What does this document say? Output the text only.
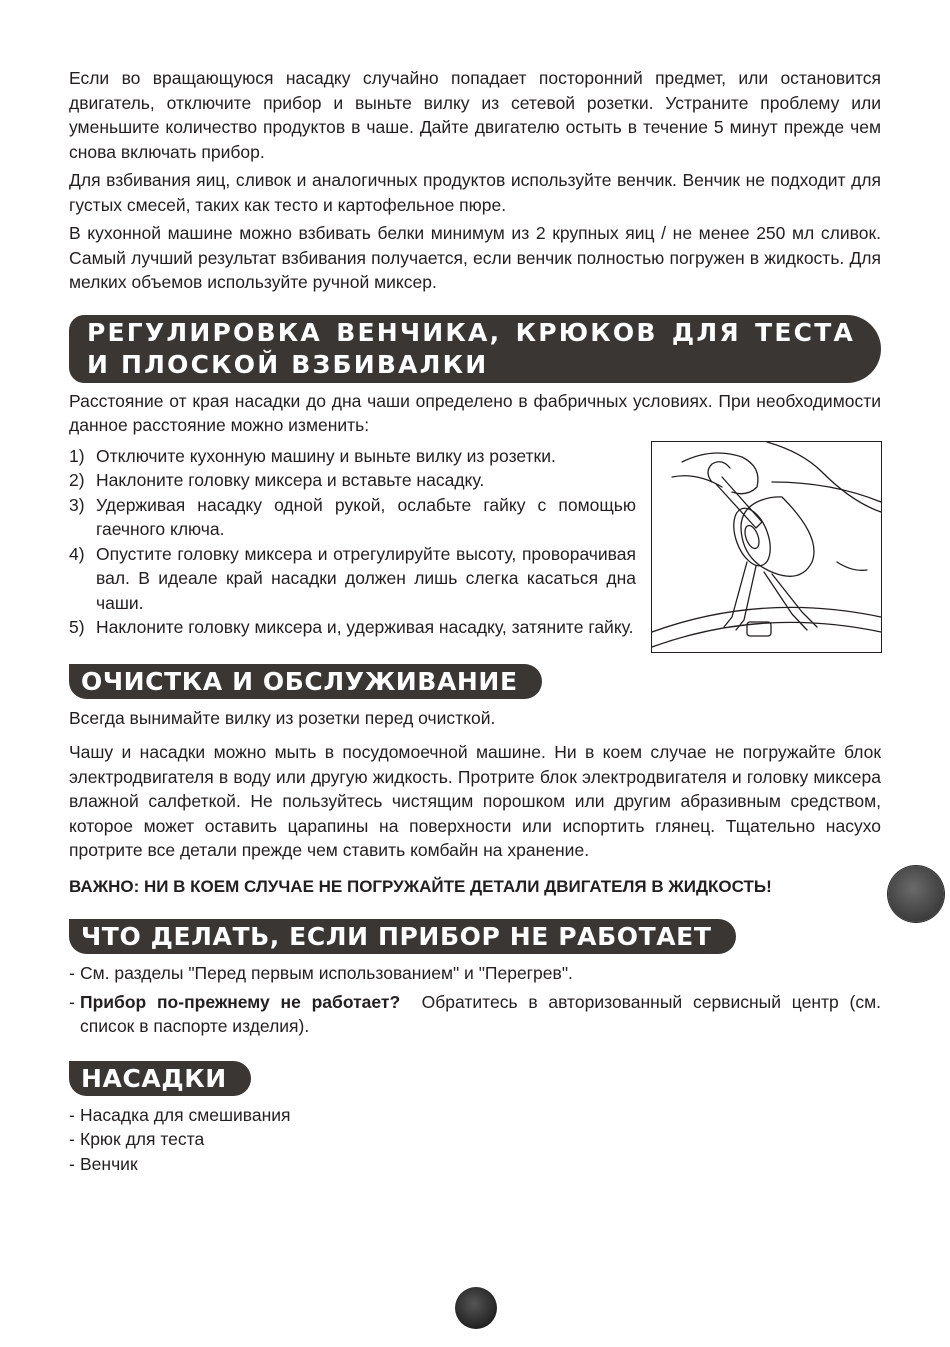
Если во вращающуюся насадку случайно попадает посторонний предмет, или остановится двигатель, отключите прибор и выньте вилку из сетевой розетки. Устраните проблему или уменьшите количество продуктов в чаше. Дайте двигателю остыть в течение 5 минут прежде чем снова включать прибор.

Для взбивания яиц, сливок и аналогичных продуктов используйте венчик. Венчик не подходит для густых смесей, таких как тесто и картофельное пюре.

В кухонной машине можно взбивать белки минимум из 2 крупных яиц / не менее 250 мл сливок. Самый лучший результат взбивания получается, если венчик полностью погружен в жидкость. Для мелких объемов используйте ручной миксер.

РЕГУЛИРОВКА ВЕНЧИКА, КРЮКОВ ДЛЯ ТЕСТА И ПЛОСКОЙ ВЗБИВАЛКИ

Расстояние от края насадки до дна чаши определено в фабричных условиях. При необходимости данное расстояние можно изменить:

1) Отключите кухонную машину и выньте вилку из розетки.
2) Наклоните головку миксера и вставьте насадку.
3) Удерживая насадку одной рукой, ослабьте гайку с помощью гаечного ключа.
4) Опустите головку миксера и отрегулируйте высоту, проворачивая вал. В идеале край насадки должен лишь слегка касаться дна чаши.
5) Наклоните головку миксера и, удерживая насадку, затяните гайку.
ОЧИСТКА И ОБСЛУЖИВАНИЕ

Всегда вынимайте вилку из розетки перед очисткой.

Чашу и насадки можно мыть в посудомоечной машине. Ни в коем случае не погружайте блок электродвигателя в воду или другую жидкость. Протрите блок электродвигателя и головку миксера влажной салфеткой. Не пользуйтесь чистящим порошком или другим абразивным средством, которое может оставить царапины на поверхности или испортить глянец. Тщательно насухо протрите все детали прежде чем ставить комбайн на хранение.

ВАЖНО: НИ В КОЕМ СЛУЧАЕ НЕ ПОГРУЖАЙТЕ ДЕТАЛИ ДВИГАТЕЛЯ В ЖИДКОСТЬ!

ЧТО ДЕЛАТЬ, ЕСЛИ ПРИБОР НЕ РАБОТАЕТ
- См. разделы "Перед первым использованием" и "Перегрев".
- Прибор по-прежнему не работает?  Обратитесь в авторизованный сервисный центр (см. список в паспорте изделия).
НАСАДКИ
- Насадка для смешивания
- Крюк для теста
- Венчик
